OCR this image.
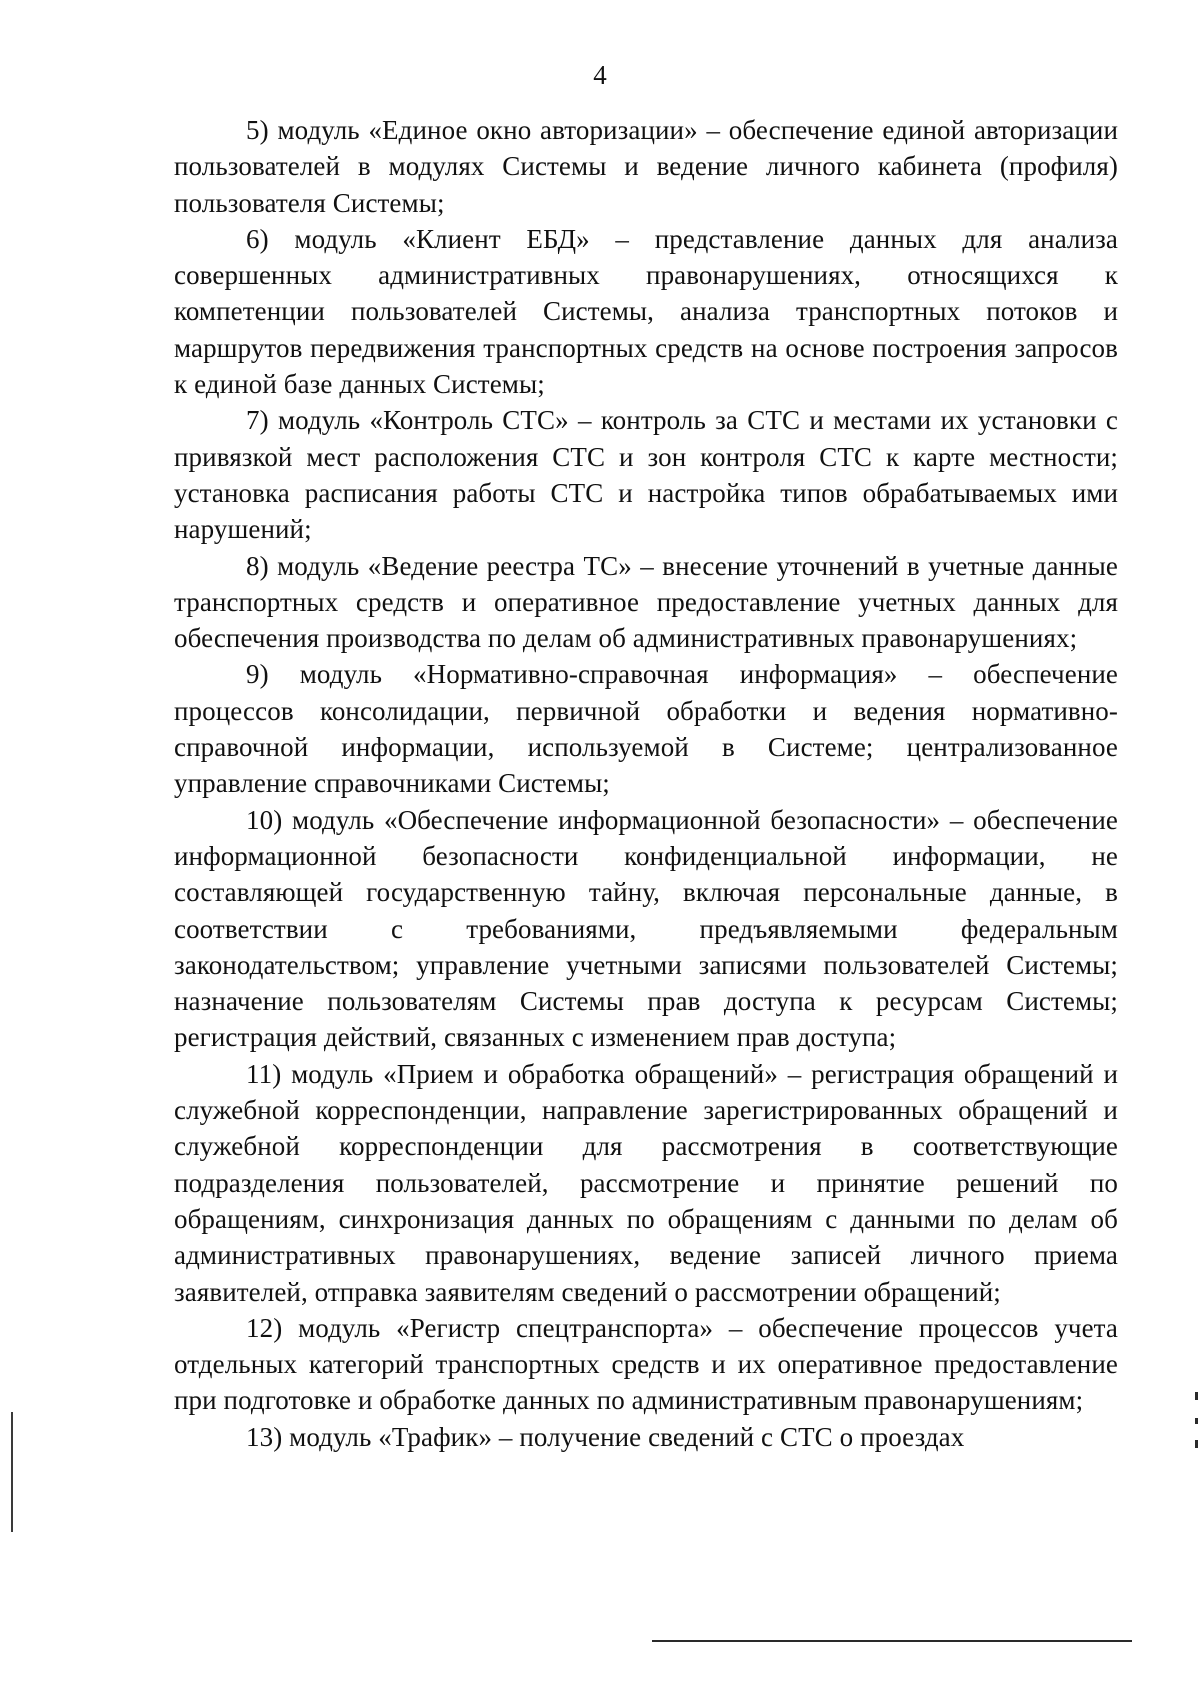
4

5) модуль «Единое окно авторизации» – обеспечение единой авторизации пользователей в модулях Системы и ведение личного кабинета (профиля) пользователя Системы;

6) модуль «Клиент ЕБД» – представление данных для анализа совершенных административных правонарушениях, относящихся к компетенции пользователей Системы, анализа транспортных потоков и маршрутов передвижения транспортных средств на основе построения запросов к единой базе данных Системы;

7) модуль «Контроль СТС» – контроль за СТС и местами их установки с привязкой мест расположения СТС и зон контроля СТС к карте местности; установка расписания работы СТС и настройка типов обрабатываемых ими нарушений;

8) модуль «Ведение реестра ТС» – внесение уточнений в учетные данные транспортных средств и оперативное предоставление учетных данных для обеспечения производства по делам об административных правонарушениях;

9) модуль «Нормативно-справочная информация» – обеспечение процессов консолидации, первичной обработки и ведения нормативно-справочной информации, используемой в Системе; централизованное управление справочниками Системы;

10) модуль «Обеспечение информационной безопасности» – обеспечение информационной безопасности конфиденциальной информации, не составляющей государственную тайну, включая персональные данные, в соответствии с требованиями, предъявляемыми федеральным законодательством; управление учетными записями пользователей Системы; назначение пользователям Системы прав доступа к ресурсам Системы; регистрация действий, связанных с изменением прав доступа;

11) модуль «Прием и обработка обращений» – регистрация обращений и служебной корреспонденции, направление зарегистрированных обращений и служебной корреспонденции для рассмотрения в соответствующие подразделения пользователей, рассмотрение и принятие решений по обращениям, синхронизация данных по обращениям с данными по делам об административных правонарушениях, ведение записей личного приема заявителей, отправка заявителям сведений о рассмотрении обращений;

12) модуль «Регистр спецтранспорта» – обеспечение процессов учета отдельных категорий транспортных средств и их оперативное предоставление при подготовке и обработке данных по административным правонарушениям;

13) модуль «Трафик» – получение сведений с СТС о проездах
